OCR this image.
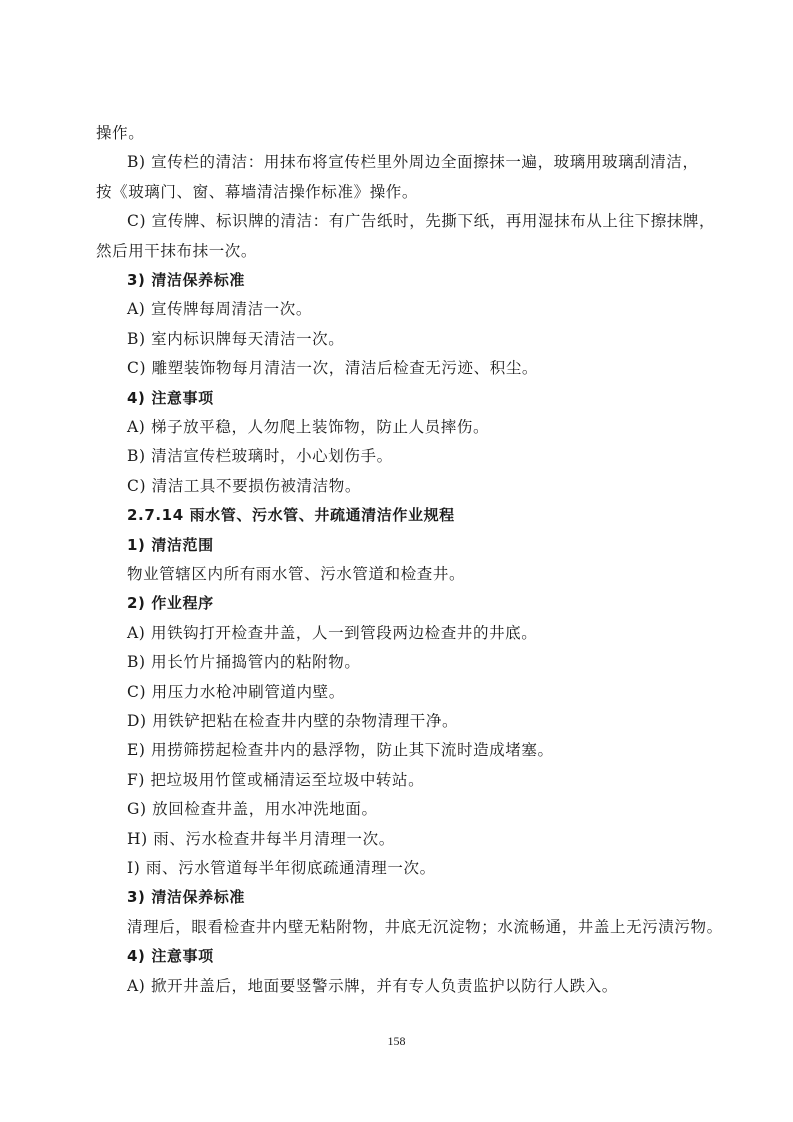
操作。
B) 宣传栏的清洁：用抹布将宣传栏里外周边全面擦抹一遍，玻璃用玻璃刮清洁，
按《玻璃门、窗、幕墙清洁操作标准》操作。
C) 宣传牌、标识牌的清洁：有广告纸时，先撕下纸，再用湿抹布从上往下擦抹牌，
然后用干抹布抹一次。
3) 清洁保养标准
A) 宣传牌每周清洁一次。
B) 室内标识牌每天清洁一次。
C) 雕塑装饰物每月清洁一次，清洁后检查无污迹、积尘。
4) 注意事项
A) 梯子放平稳，人勿爬上装饰物，防止人员摔伤。
B) 清洁宣传栏玻璃时，小心划伤手。
C) 清洁工具不要损伤被清洁物。
2.7.14 雨水管、污水管、井疏通清洁作业规程
1) 清洁范围
物业管辖区内所有雨水管、污水管道和检查井。
2) 作业程序
A) 用铁钩打开检查井盖，人一到管段两边检查井的井底。
B) 用长竹片捅捣管内的粘附物。
C) 用压力水枪冲刷管道内壁。
D) 用铁铲把粘在检查井内壁的杂物清理干净。
E) 用捞筛捞起检查井内的悬浮物，防止其下流时造成堵塞。
F) 把垃圾用竹筐或桶清运至垃圾中转站。
G) 放回检查井盖，用水冲洗地面。
H) 雨、污水检查井每半月清理一次。
I) 雨、污水管道每半年彻底疏通清理一次。
3) 清洁保养标准
清理后，眼看检查井内壁无粘附物，井底无沉淀物；水流畅通，井盖上无污渍污物。
4) 注意事项
A) 掀开井盖后，地面要竖警示牌，并有专人负责监护以防行人跌入。
158
